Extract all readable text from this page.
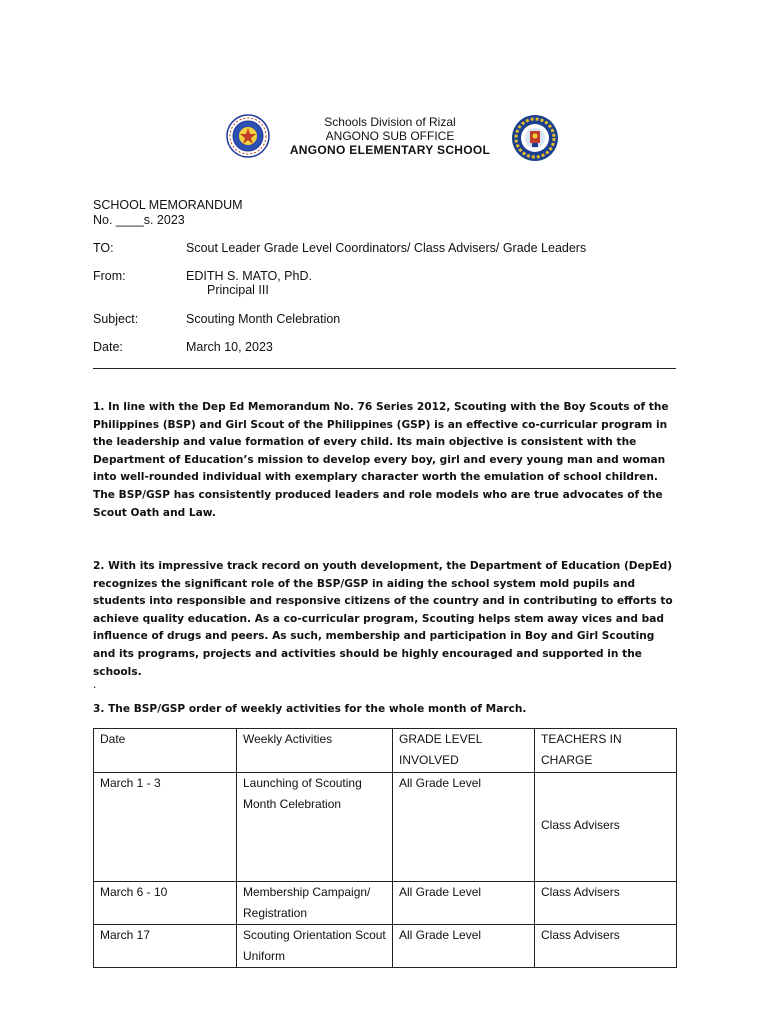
Schools Division of Rizal
ANGONO SUB OFFICE
ANGONO ELEMENTARY SCHOOL
SCHOOL MEMORANDUM
No. ____s. 2023
TO:	Scout Leader Grade Level Coordinators/ Class Advisers/ Grade Leaders
From:	EDITH S. MATO, PhD.
Principal III
Subject:	Scouting Month Celebration
Date:	March 10, 2023
1. In line with the Dep Ed Memorandum No. 76 Series 2012, Scouting with the Boy Scouts of the Philippines (BSP) and Girl Scout of the Philippines (GSP) is an effective co-curricular program in the leadership and value formation of every child. Its main objective is consistent with the Department of Education’s mission to develop every boy, girl and every young man and woman into well-rounded individual with exemplary character worth the emulation of school children. The BSP/GSP has consistently produced leaders and role models who are true advocates of the Scout Oath and Law.
2. With its impressive track record on youth development, the Department of Education (DepEd) recognizes the significant role of the BSP/GSP in aiding the school system mold pupils and students into responsible and responsive citizens of the country and in contributing to efforts to achieve quality education. As a co-curricular program, Scouting helps stem away vices and bad influence of drugs and peers. As such, membership and participation in Boy and Girl Scouting and its programs, projects and activities should be highly encouraged and supported in the schools.
.
3. The BSP/GSP order of weekly activities for the whole month of March.
Date	Weekly Activities	GRADE LEVEL INVOLVED	TEACHERS IN CHARGE
March 1 - 3	Launching of Scouting Month Celebration	All Grade Level	Class Advisers
March 6 - 10	Membership Campaign/ Registration	All Grade Level	Class Advisers
March 17	Scouting Orientation Scout Uniform	All Grade Level	Class Advisers
